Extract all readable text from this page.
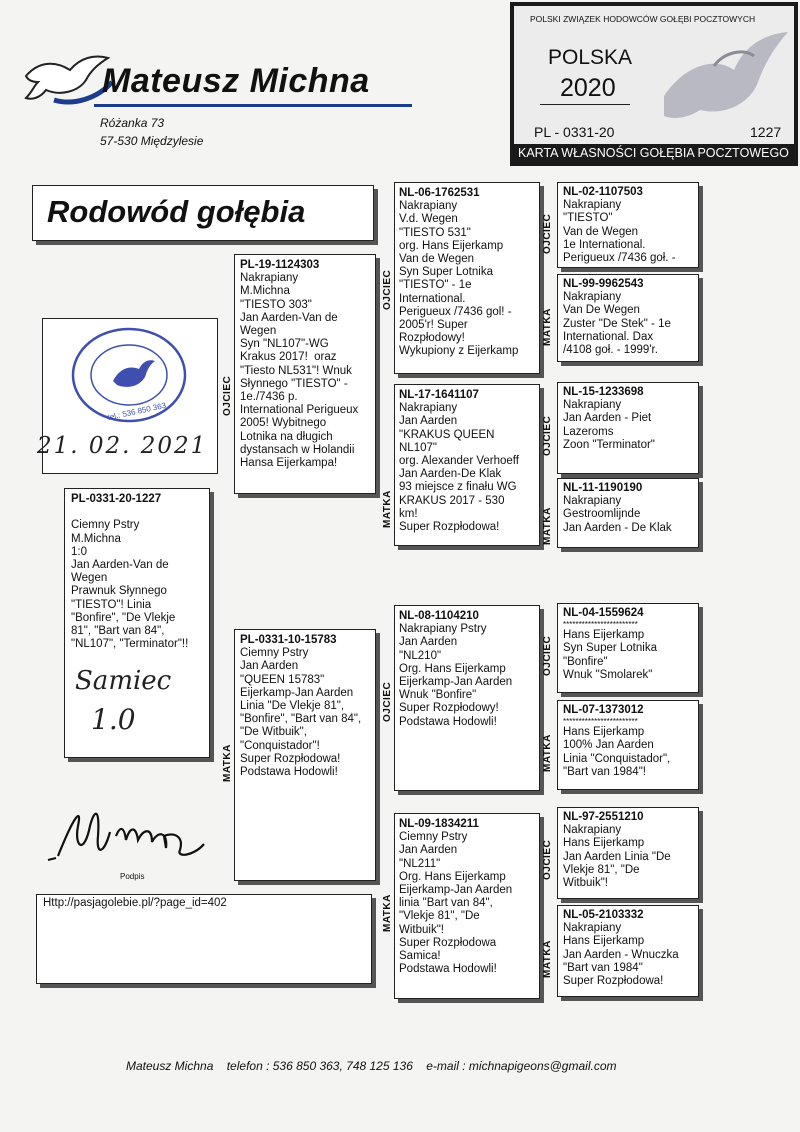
Mateusz Michna
Różanka 73
57-530 Międzylesie
POLSKI ZWIĄZEK HODOWCÓW GOŁĘBI POCZTOWYCH
POLSKA
2020
PL - 0331-20	1227
KARTA WŁASNOŚCI GOŁĘBIA POCZTOWEGO
Rodowód gołębia
tel.: 536 850 363
21. 02. 2021
PL-0331-20-1227

Ciemny Pstry
M.Michna
1:0
Jan Aarden-Van de
Wegen
Prawnuk Słynnego
"TIESTO"! Linia
"Bonfire", "De Vlekje
81", "Bart van 84",
"NL107", "Terminator"!!
Samiec
1.0
Podpis
Http://pasjagolebie.pl/?page_id=402
PL-19-1124303
Nakrapiany
M.Michna
"TIESTO 303"
Jan Aarden-Van de
Wegen
Syn "NL107"-WG
Krakus 2017!  oraz
"Tiesto NL531"! Wnuk
Słynnego "TIESTO" -
1e./7436 p.
International Perigueux
2005! Wybitnego
Lotnika na długich
dystansach w Holandii
Hansa Eijerkampa!
OJCIEC
PL-0331-10-15783
Ciemny Pstry
Jan Aarden
"QUEEN 15783"
Eijerkamp-Jan Aarden
Linia "De Vlekje 81",
"Bonfire", "Bart van 84",
"De Witbuik",
"Conquistador"!
Super Rozpłodowa!
Podstawa Hodowli!
MATKA
NL-06-1762531
Nakrapiany
V.d. Wegen
"TIESTO 531"
org. Hans Eijerkamp
Van de Wegen
Syn Super Lotnika
"TIESTO" - 1e
International.
Perigueux /7436 gol! -
2005'r! Super
Rozpłodowy!
Wykupiony z Eijerkamp
OJCIEC
NL-17-1641107
Nakrapiany
Jan Aarden
"KRAKUS QUEEN
NL107"
org. Alexander Verhoeff
Jan Aarden-De Klak
93 miejsce z finału WG
KRAKUS 2017 - 530
km!
Super Rozpłodowa!
MATKA
NL-08-1104210
Nakrapiany Pstry
Jan Aarden
"NL210"
Org. Hans Eijerkamp
Eijerkamp-Jan Aarden
Wnuk "Bonfire"
Super Rozpłodowy!
Podstawa Hodowli!
OJCIEC
NL-09-1834211
Ciemny Pstry
Jan Aarden
"NL211"
Org. Hans Eijerkamp
Eijerkamp-Jan Aarden
linia "Bart van 84",
"Vlekje 81", "De
Witbuik"!
Super Rozpłodowa
Samica!
Podstawa Hodowli!
MATKA
NL-02-1107503
Nakrapiany
"TIESTO"
Van de Wegen
1e International.
Perigueux /7436 goł. -
OJCIEC
NL-99-9962543
Nakrapiany
Van De Wegen
Zuster "De Stek" - 1e
International. Dax
/4108 goł. - 1999'r.
MATKA
NL-15-1233698
Nakrapiany
Jan Aarden - Piet
Lazeroms
Zoon "Terminator"
OJCIEC
NL-11-1190190
Nakrapiany
Gestroomlijnde
Jan Aarden - De Klak
MATKA
NL-04-1559624
************************
Hans Eijerkamp
Syn Super Lotnika
"Bonfire"
Wnuk "Smolarek"
OJCIEC
NL-07-1373012
************************
Hans Eijerkamp
100% Jan Aarden
Linia "Conquistador",
"Bart van 1984"!
MATKA
NL-97-2551210
Nakrapiany
Hans Eijerkamp
Jan Aarden Linia "De
Vlekje 81", "De
Witbuik"!
OJCIEC
NL-05-2103332
Nakrapiany
Hans Eijerkamp
Jan Aarden - Wnuczka
"Bart van 1984"
Super Rozpłodowa!
MATKA
Mateusz Michna telefon : 536 850 363, 748 125 136 e-mail : michnapigeons@gmail.com
